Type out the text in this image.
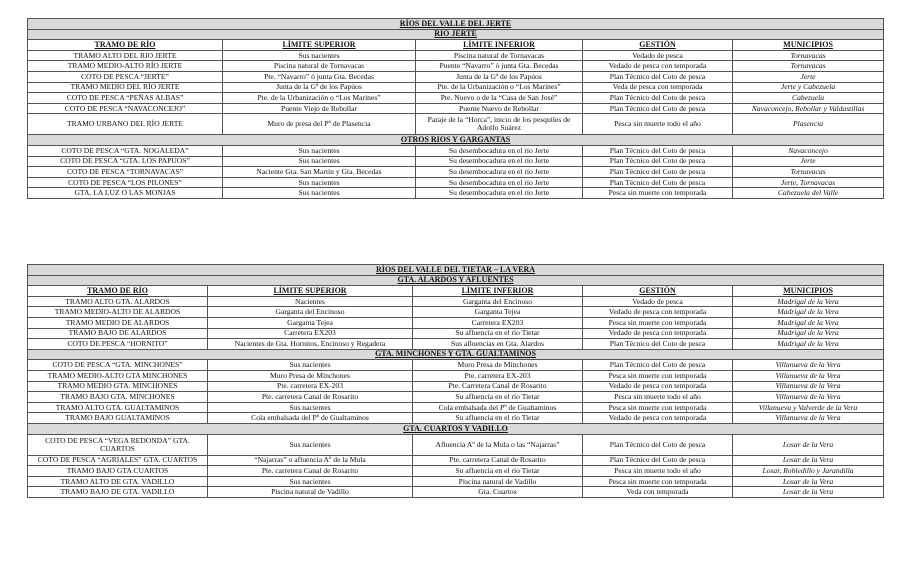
RÍOS DEL VALLE DEL JERTE				
RÍO JERTE				
TRAMO DE RÍO	LÍMITE SUPERIOR	LÍMITE INFERIOR	GESTIÓN	MUNICIPIOS
TRAMO ALTO DEL RIO JERTE	Sus nacientes	Piscina natural de Tornavacas	Vedado de pesca	Tornavacas
TRAMO MEDIO-ALTO RÍO JERTE	Piscina natural de Tornavacas	Puente “Navarro” ó junta Gta. Becedas	Vedado de pesca con temporada	Tornavacas
COTO DE PESCA “JERTE”	Pte. “Navarro” ó junta Gta. Becedas	Junta de la Gª de los Papúos	Plan Técnico del Coto de pesca	Jerte
TRAMO MEDIO DEL RÍO JERTE	Junta de la Gª de los Papúos	Pte. de la Urbanización o “Los Marines”	Veda de pesca con temporada	Jerte y Cabezuela
COTO DE PESCA “PEÑAS ALBAS”	Pte. de la Urbanización o “Los Marines”	Pte. Nuevo o de la “Casa de San José”	Plan Técnico del Coto de pesca	Cabezuela
COTO DE PESCA “NAVACONCEJO”	Puente Viejo de Rebollar	Puente Nuevo de Rebollar	Plan Técnico del Coto de pesca	Navaconcejo, Rebollar y Valdastillas
TRAMO URBANO DEL RÍO JERTE	Muro de presa del Pº de Plasencia	Paraje de la “Horca”, inicio de los pesquiles de Adolfo Suárez	Pesca sin muerte todo el año	Plasencia
OTROS RIOS Y GARGANTAS				
COTO DE PESCA “GTA. NOGALEDA”	Sus nacientes	Su desembocadura en el río Jerte	Plan Técnico del Coto de pesca	Navaconcejo
COTO DE PESCA “GTA. LOS PAPUOS”	Sus nacientes	Su desembocadura en el río Jerte	Plan Técnico del Coto de pesca	Jerte
COTO DE PESCA “TORNAVACAS”	Naciente Gta. San Martín y Gta. Becedas	Su desembocadura en el río Jerte	Plan Técnico del Coto de pesca	Tornavacas
COTO DE PESCA “LOS PILONES”	Sus nacientes	Su desembocadura en el río Jerte	Plan Técnico del Coto de pesca	Jerte, Tornavacas
GTA. LA LUZ O LAS MONJAS	Sus nacientes	Su desembocadura en el río Jerte	Pesca sin muerte con temporada	Cabezuela del Valle
RÍOS DEL VALLE DEL TIETAR – LA VERA				
GTA. ALARDOS Y AFLUENTES				
TRAMO DE RÍO	LÍMITE SUPERIOR	LÍMITE INFERIOR	GESTIÓN	MUNICIPIOS
TRAMO ALTO GTA. ALARDOS	Nacientes	Garganta del Encinoso	Vedado de pesca	Madrigal de la Vera
TRAMO MEDIO-ALTO DE ALARDOS	Garganta del Encinoso	Garganta Tejea	Vedado de pesca con temporada	Madrigal de la Vera
TRAMO MEDIO DE ALARDOS	Garganta Tejea	Carretera EX203	Pesca sin muerte con temporada	Madrigal de la Vera
TRAMO BAJO DE ALARDOS	Carretera EX203	Su afluencia en el río Tietar	Vedado de pesca con temporada	Madrigal de la Vera
COTO DE PESCA “HORNITO”	Nacientes de Gta. Hornitos, Encinoso y Regadera	Sus afluencias en Gta. Alardos	Plan Técnico del Coto de pesca	Madrigal de la Vera
GTA. MINCHONES Y GTA. GUALTAMINOS				
COTO DE PESCA “GTA. MINCHONES”	Sus nacientes	Muro Presa de Minchones	Plan Técnico del Coto de pesca	Villanueva de la Vera
TRAMO MEDIO-ALTO GTA MINCHONES	Muro Presa de Minchones	Pte. carretera EX-203	Pesca sin muerte con temporada	Villanueva de la Vera
TRAMO MEDIO GTA. MINCHONES	Pte. carretera EX-203	Pte. Carretera Canal de Rosarito	Vedado de pesca con temporada	Villanueva de la Vera
TRAMO BAJO GTA. MINCHONES	Pte. carretera Canal de Rosarito	Su afluencia en el río Tietar	Pesca sin muerte todo el año	Villanueva de la Vera
TRAMO ALTO GTA. GUALTAMINOS	Sus nacientes	Cola embalsada del Pº de Gualtaminos	Pesca sin muerte con temporada	Villanueva y Valverde de la Vera
TRAMO BAJO GUALTAMINOS	Cola embalsada del Pº de Gualtaminos	Su afluencia en el río Tietar	Vedado de pesca con temporada	Villanueva de la Vera
GTA. CUARTOS Y VADILLO				
COTO DE PESCA “VEGA REDONDA” GTA. CUARTOS	Sus nacientes	Afluencia Aº de la Mula o las “Najarras”	Plan Técnico del Coto de pesca	Losar de la Vera
COTO DE PESCA “AGRIALES” GTA. CUARTOS	“Najarras” o afluencia Aº de la Mula	Pte. carretera Canal de Rosarito	Plan Técnico del Coto de pesca	Losar de la Vera
TRAMO BAJO GTA CUARTOS	Pte. carretera Canal de Rosarito	Su afluencia en el río Tietar	Pesca sin muerte todo el año	Losar, Robledillo y Jarandilla
TRAMO ALTO DE GTA. VADILLO	Sus nacientes	Piscina natural de Vadillo	Pesca sin muerte con temporada	Losar de la Vera
TRAMO BAJO DE GTA. VADILLO	Piscina natural de Vadillo	Gta. Cuartos	Veda con temporada	Losar de la Vera
